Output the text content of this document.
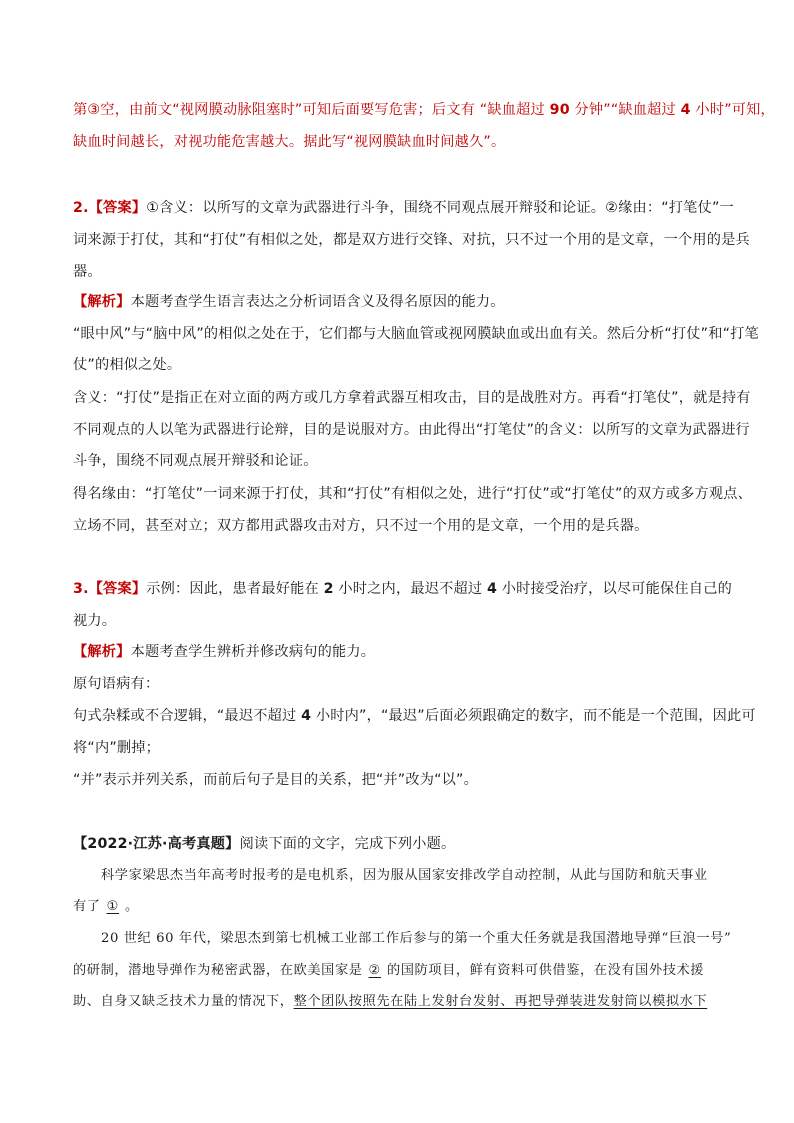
第③空，由前文“视网膜动脉阻塞时”可知后面要写危害；后文有 “缺血超过 90 分钟”“缺血超过 4 小时”可知，
缺血时间越长，对视功能危害越大。据此写“视网膜缺血时间越久”。
2.【答案】①含义：以所写的文章为武器进行斗争，围绕不同观点展开辩驳和论证。②缘由：“打笔仗”一
词来源于打仗，其和“打仗”有相似之处，都是双方进行交锋、对抗，只不过一个用的是文章，一个用的是兵
器。
【解析】本题考查学生语言表达之分析词语含义及得名原因的能力。
“眼中风”与“脑中风”的相似之处在于，它们都与大脑血管或视网膜缺血或出血有关。然后分析“打仗”和“打笔
仗”的相似之处。
含义：“打仗”是指正在对立面的两方或几方拿着武器互相攻击，目的是战胜对方。再看“打笔仗”，就是持有
不同观点的人以笔为武器进行论辩，目的是说服对方。由此得出“打笔仗”的含义：以所写的文章为武器进行
斗争，围绕不同观点展开辩驳和论证。
得名缘由：“打笔仗”一词来源于打仗，其和“打仗”有相似之处，进行“打仗”或“打笔仗”的双方或多方观点、
立场不同，甚至对立；双方都用武器攻击对方，只不过一个用的是文章，一个用的是兵器。
3.【答案】示例：因此，患者最好能在 2 小时之内，最迟不超过 4 小时接受治疗，以尽可能保住自己的
视力。
【解析】本题考查学生辨析并修改病句的能力。
原句语病有：
句式杂糅或不合逻辑，“最迟不超过 4 小时内”，“最迟”后面必须跟确定的数字，而不能是一个范围，因此可
将“内”删掉；
“并”表示并列关系，而前后句子是目的关系，把“并”改为“以”。
【2022·江苏·高考真题】阅读下面的文字，完成下列小题。
科学家梁思杰当年高考时报考的是电机系，因为服从国家安排改学自动控制，从此与国防和航天事业
有了 ① 。
20 世纪 60 年代，梁思杰到第七机械工业部工作后参与的第一个重大任务就是我国潜地导弹“巨浪一号”
的研制，潜地导弹作为秘密武器，在欧美国家是 ② 的国防项目，鲜有资料可供借鉴，在没有国外技术援
助、自身又缺乏技术力量的情况下，整个团队按照先在陆上发射台发射、再把导弹装进发射筒以模拟水下
